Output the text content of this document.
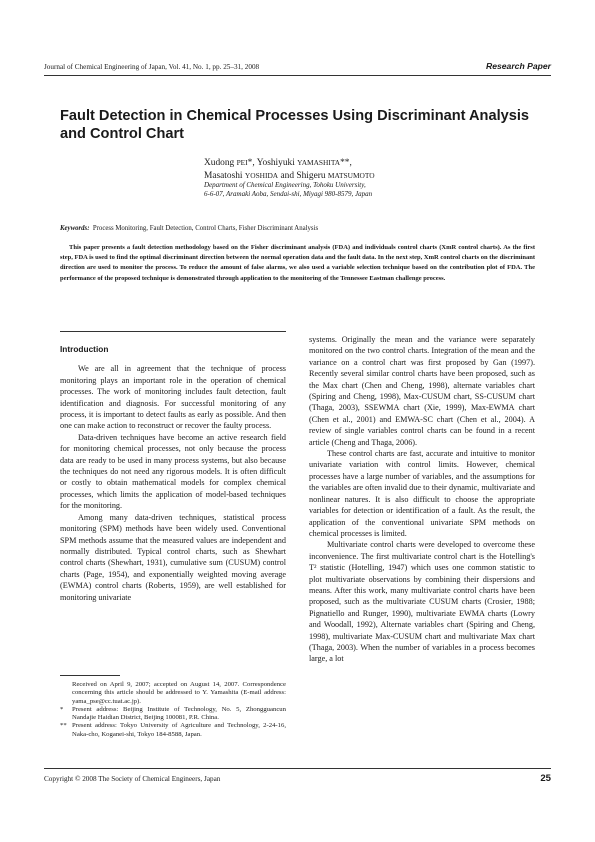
Journal of Chemical Engineering of Japan, Vol. 41, No. 1, pp. 25–31, 2008	Research Paper
Fault Detection in Chemical Processes Using Discriminant Analysis
and Control Chart
Xudong PEI*, Yoshiyuki YAMASHITA**,
Masatoshi YOSHIDA and Shigeru MATSUMOTO
Department of Chemical Engineering, Tohoku University,
6-6-07, Aramaki Aoba, Sendai-shi, Miyagi 980-8579, Japan
Keywords: Process Monitoring, Fault Detection, Control Charts, Fisher Discriminant Analysis
This paper presents a fault detection methodology based on the Fisher discriminant analysis (FDA) and individuals control charts (XmR control charts). As the first step, FDA is used to find the optimal discriminant direction between the normal operation data and the fault data. In the next step, XmR control charts on the discriminant direction are used to monitor the process. To reduce the amount of false alarms, we also used a variable selection technique based on the contribution plot of FDA. The performance of the proposed technique is demonstrated through application to the monitoring of the Tennessee Eastman challenge process.
Introduction

We are all in agreement that the technique of process monitoring plays an important role in the operation of chemical processes. The work of monitoring includes fault detection, fault identification and diagnosis. For successful monitoring of any process, it is important to detect faults as early as possible. And then one can make action to reconstruct or recover the faulty process.

Data-driven techniques have become an active research field for monitoring chemical processes, not only because the process data are ready to be used in many process systems, but also because the techniques do not need any rigorous models. It is often difficult or costly to obtain mathematical models for complex chemical processes, which limits the application of model-based techniques for the monitoring.

Among many data-driven techniques, statistical process monitoring (SPM) methods have been widely used. Conventional SPM methods assume that the measured values are independent and normally distributed. Typical control charts, such as Shewhart control charts (Shewhart, 1931), cumulative sum (CUSUM) control charts (Page, 1954), and exponentially weighted moving average (EWMA) control charts (Roberts, 1959), are well established for monitoring univariate

systems. Originally the mean and the variance were separately monitored on the two control charts. Integration of the mean and the variance on a control chart was first proposed by Gan (1997). Recently several similar control charts have been proposed, such as the Max chart (Chen and Cheng, 1998), alternate variables chart (Spiring and Cheng, 1998), Max-CUSUM chart, SS-CUSUM chart (Thaga, 2003), SSEWMA chart (Xie, 1999), Max-EWMA chart (Chen et al., 2001) and EMWA-SC chart (Chen et al., 2004). A review of single variables control charts can be found in a recent article (Cheng and Thaga, 2006).

These control charts are fast, accurate and intuitive to monitor univariate variation with control limits. However, chemical processes have a large number of variables, and the assumptions for the variables are often invalid due to their dynamic, multivariate and nonlinear natures. It is also difficult to choose the appropriate variables for detection or identification of a fault. As the result, the application of the conventional univariate SPM methods on chemical processes is limited.

Multivariate control charts were developed to overcome these inconvenience. The first multivariate control chart is the Hotelling's T² statistic (Hotelling, 1947) which uses one common statistic to plot multivariate observations by combining their dispersions and means. After this work, many multivariate control charts have been proposed, such as the multivariate CUSUM charts (Crosier, 1988; Pignatiello and Runger, 1990), multivariate EWMA charts (Lowry and Woodall, 1992), Alternate variables chart (Spiring and Cheng, 1998), multivariate Max-CUSUM chart and multivariate Max chart (Thaga, 2003). When the number of variables in a process becomes large, a lot

Received on April 9, 2007; accepted on August 14, 2007. Correspondence concerning this article should be addressed to Y. Yamashita (E-mail address: yama_pse@cc.tuat.ac.jp).
*	Present address: Beijing Institute of Technology, No. 5, Zhongguancun Nandajie Haidian District, Beijing 100081, P.R. China.
** Present address: Tokyo University of Agriculture and Technology, 2-24-16, Naka-cho, Koganei-shi, Tokyo 184-8588, Japan.
Copyright © 2008 The Society of Chemical Engineers, Japan	25
